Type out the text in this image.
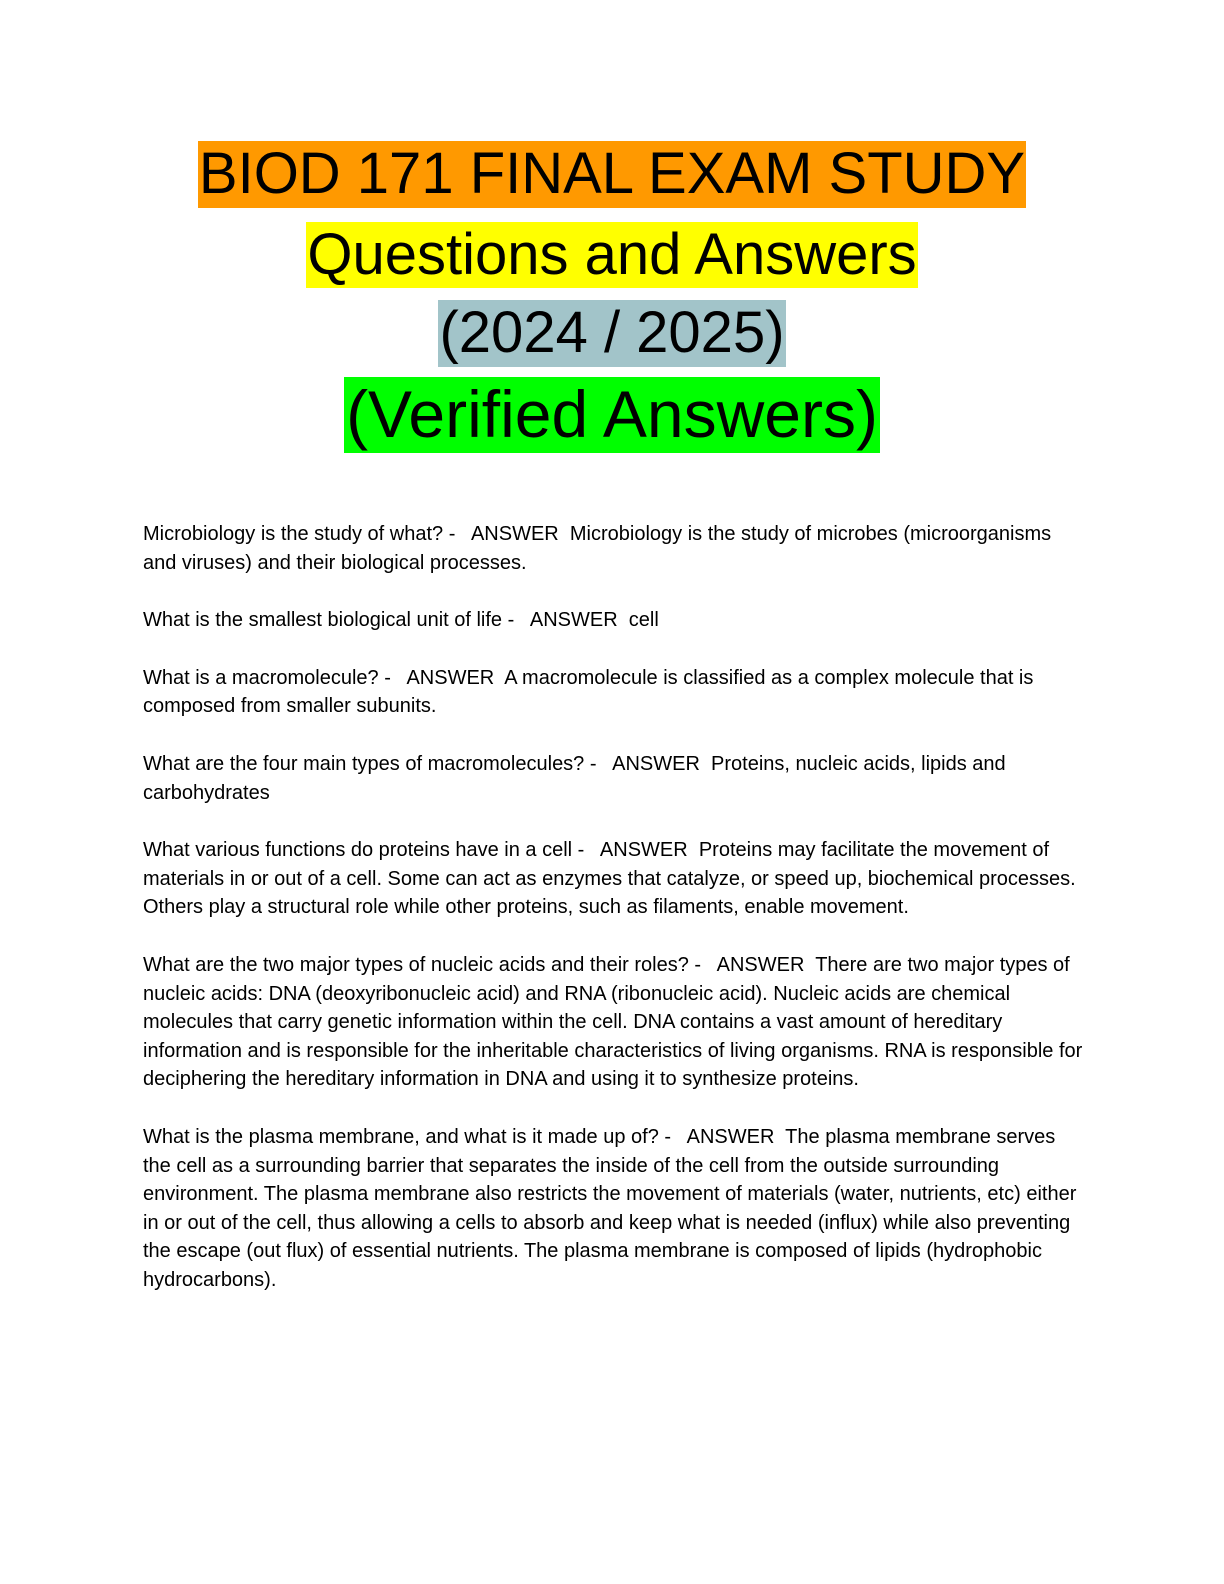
BIOD 171 FINAL EXAM STUDY
Questions and Answers
(2024 / 2025)
(Verified Answers)

Microbiology is the study of what? -   ANSWER Microbiology is the study of microbes (microorganisms and viruses) and their biological processes.

What is the smallest biological unit of life -   ANSWER cell

What is a macromolecule? -   ANSWER A macromolecule is classified as a complex molecule that is composed from smaller subunits.

What are the four main types of macromolecules? -   ANSWER Proteins, nucleic acids, lipids and carbohydrates

What various functions do proteins have in a cell -   ANSWER Proteins may facilitate the movement of materials in or out of a cell. Some can act as enzymes that catalyze, or speed up, biochemical processes. Others play a structural role while other proteins, such as filaments, enable movement.

What are the two major types of nucleic acids and their roles? -   ANSWER There are two major types of nucleic acids: DNA (deoxyribonucleic acid) and RNA (ribonucleic acid). Nucleic acids are chemical molecules that carry genetic information within the cell. DNA contains a vast amount of hereditary information and is responsible for the inheritable characteristics of living organisms. RNA is responsible for deciphering the hereditary information in DNA and using it to synthesize proteins.

What is the plasma membrane, and what is it made up of? -   ANSWER The plasma membrane serves the cell as a surrounding barrier that separates the inside of the cell from the outside surrounding environment. The plasma membrane also restricts the movement of materials (water, nutrients, etc) either in or out of the cell, thus allowing a cells to absorb and keep what is needed (influx) while also preventing the escape (out flux) of essential nutrients. The plasma membrane is composed of lipids (hydrophobic hydrocarbons).
